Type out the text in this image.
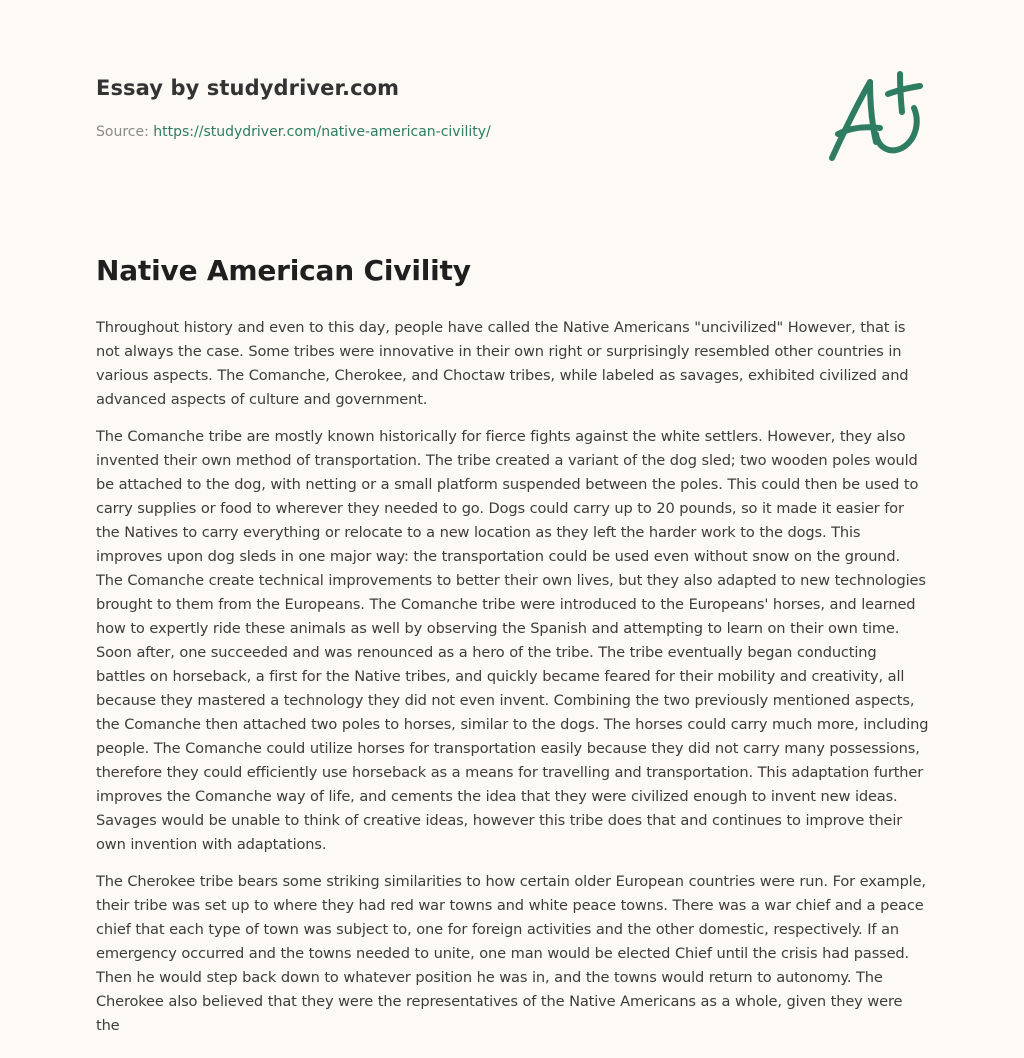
Essay by studydriver.com
Source: https://studydriver.com/native-american-civility/
Native American Civility

Throughout history and even to this day, people have called the Native Americans "uncivilized" However, that is not always the case. Some tribes were innovative in their own right or surprisingly resembled other countries in various aspects. The Comanche, Cherokee, and Choctaw tribes, while labeled as savages, exhibited civilized and advanced aspects of culture and government.

The Comanche tribe are mostly known historically for fierce fights against the white settlers. However, they also invented their own method of transportation. The tribe created a variant of the dog sled; two wooden poles would be attached to the dog, with netting or a small platform suspended between the poles. This could then be used to carry supplies or food to wherever they needed to go. Dogs could carry up to 20 pounds, so it made it easier for the Natives to carry everything or relocate to a new location as they left the harder work to the dogs. This improves upon dog sleds in one major way: the transportation could be used even without snow on the ground. The Comanche create technical improvements to better their own lives, but they also adapted to new technologies brought to them from the Europeans. The Comanche tribe were introduced to the Europeans' horses, and learned how to expertly ride these animals as well by observing the Spanish and attempting to learn on their own time. Soon after, one succeeded and was renounced as a hero of the tribe. The tribe eventually began conducting battles on horseback, a first for the Native tribes, and quickly became feared for their mobility and creativity, all because they mastered a technology they did not even invent. Combining the two previously mentioned aspects, the Comanche then attached two poles to horses, similar to the dogs. The horses could carry much more, including people. The Comanche could utilize horses for transportation easily because they did not carry many possessions, therefore they could efficiently use horseback as a means for travelling and transportation. This adaptation further improves the Comanche way of life, and cements the idea that they were civilized enough to invent new ideas. Savages would be unable to think of creative ideas, however this tribe does that and continues to improve their own invention with adaptations.

The Cherokee tribe bears some striking similarities to how certain older European countries were run. For example, their tribe was set up to where they had red war towns and white peace towns. There was a war chief and a peace chief that each type of town was subject to, one for foreign activities and the other domestic, respectively. If an emergency occurred and the towns needed to unite, one man would be elected Chief until the crisis had passed. Then he would step back down to whatever position he was in, and the towns would return to autonomy. The Cherokee also believed that they were the representatives of the Native Americans as a whole, given they were the
